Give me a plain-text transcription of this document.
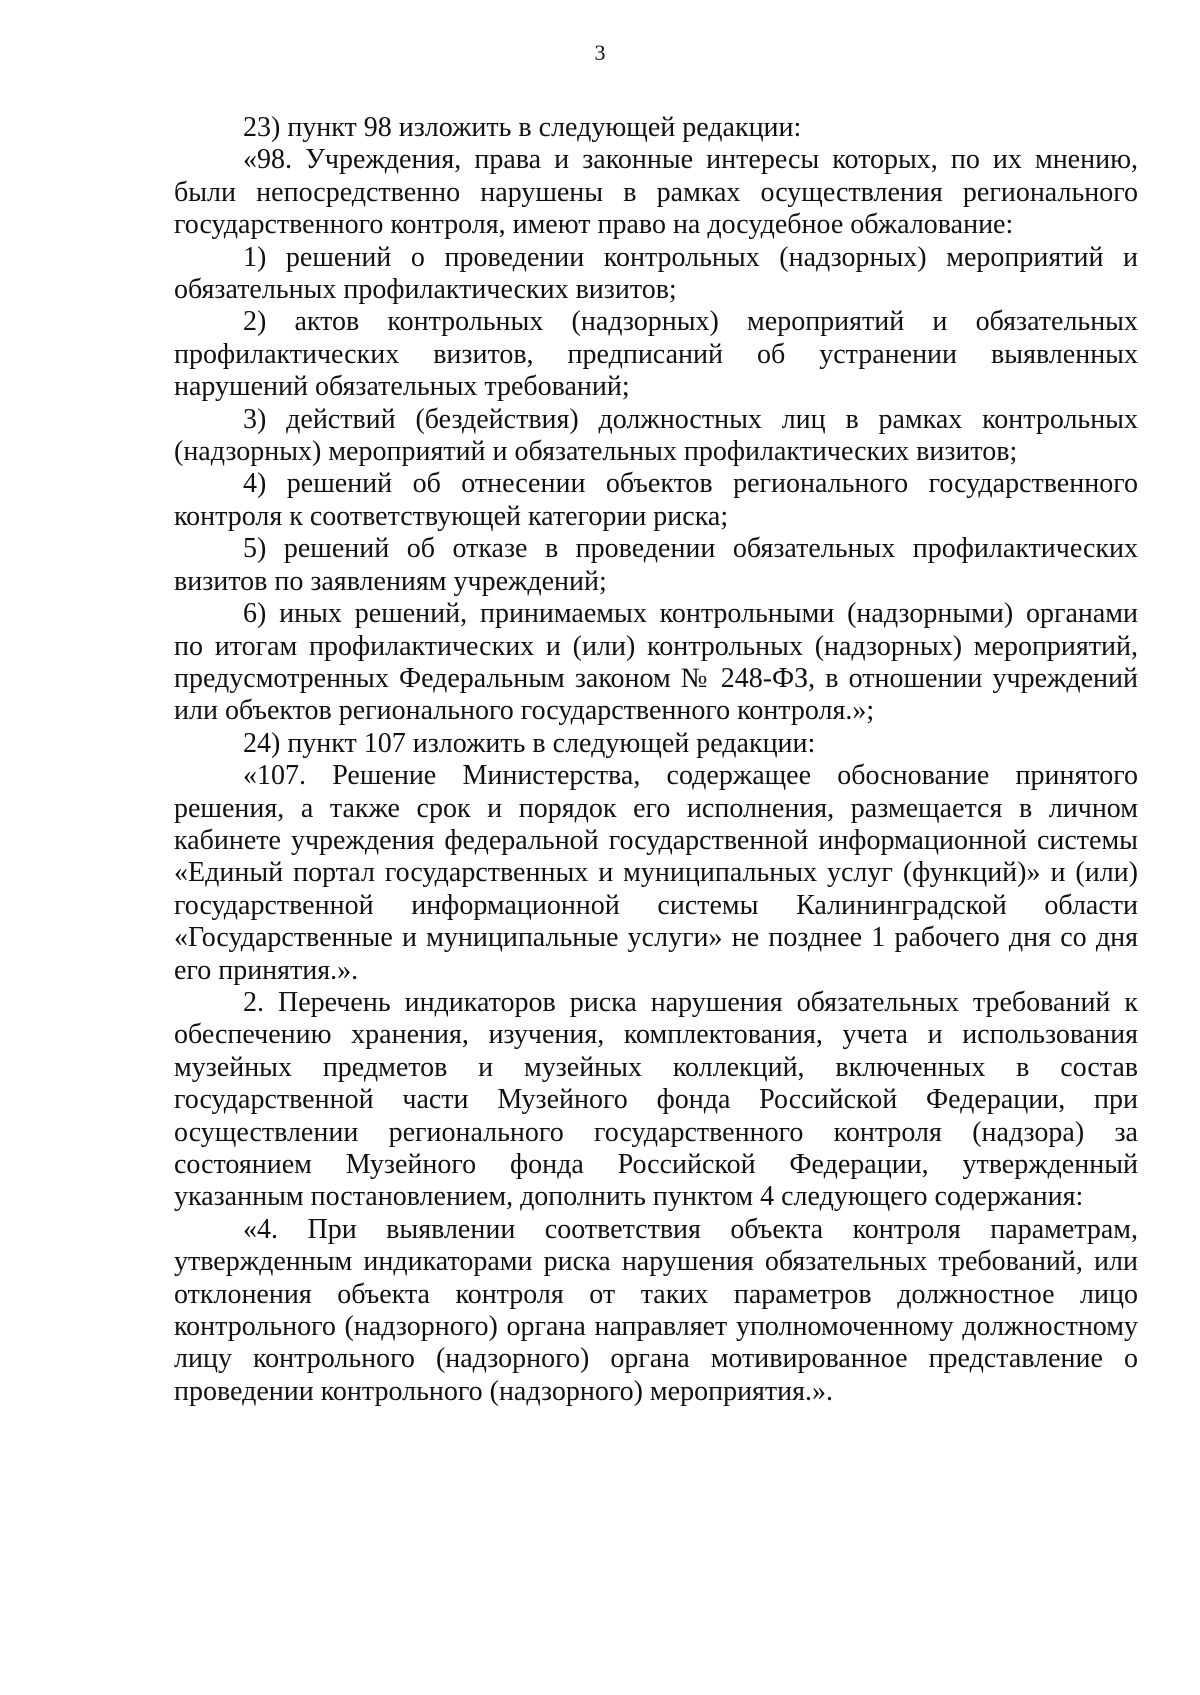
3

23) пункт 98 изложить в следующей редакции:

«98. Учреждения, права и законные интересы которых, по их мнению, были непосредственно нарушены в рамках осуществления регионального государственного контроля, имеют право на досудебное обжалование:

1) решений о проведении контрольных (надзорных) мероприятий и обязательных профилактических визитов;

2) актов контрольных (надзорных) мероприятий и обязательных профилактических визитов, предписаний об устранении выявленных нарушений обязательных требований;

3) действий (бездействия) должностных лиц в рамках контрольных (надзорных) мероприятий и обязательных профилактических визитов;

4) решений об отнесении объектов регионального государственного контроля к соответствующей категории риска;

5) решений об отказе в проведении обязательных профилактических визитов по заявлениям учреждений;

6) иных решений, принимаемых контрольными (надзорными) органами по итогам профилактических и (или) контрольных (надзорных) мероприятий, предусмотренных Федеральным законом № 248-ФЗ, в отношении учреждений или объектов регионального государственного контроля.»;

24) пункт 107 изложить в следующей редакции:

«107. Решение Министерства, содержащее обоснование принятого решения, а также срок и порядок его исполнения, размещается в личном кабинете учреждения федеральной государственной информационной системы «Единый портал государственных и муниципальных услуг (функций)» и (или) государственной информационной системы Калининградской области «Государственные и муниципальные услуги» не позднее 1 рабочего дня со дня его принятия.».

2. Перечень индикаторов риска нарушения обязательных требований к обеспечению хранения, изучения, комплектования, учета и использования музейных предметов и музейных коллекций, включенных в состав государственной части Музейного фонда Российской Федерации, при осуществлении регионального государственного контроля (надзора) за состоянием Музейного фонда Российской Федерации, утвержденный указанным постановлением, дополнить пунктом 4 следующего содержания:

«4. При выявлении соответствия объекта контроля параметрам, утвержденным индикаторами риска нарушения обязательных требований, или отклонения объекта контроля от таких параметров должностное лицо контрольного (надзорного) органа направляет уполномоченному должностному лицу контрольного (надзорного) органа мотивированное представление о проведении контрольного (надзорного) мероприятия.».
